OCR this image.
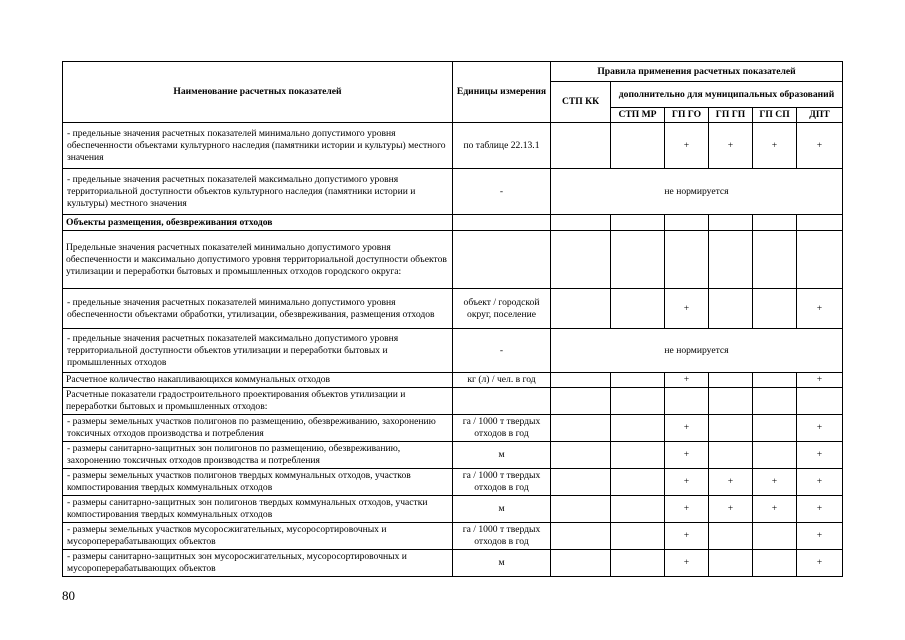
Наименование расчетных показателей	Единицы измерения	Правила применения расчетных показателей					
		СТП КК	дополнительно для муниципальных образований				
			СТП МР	ГП ГО	ГП ГП	ГП СП	ДПТ
- предельные значения расчетных показателей минимально допустимого уровня обеспеченности объектами культурного наследия (памятники истории и культуры) местного значения	по таблице 22.13.1			+	+	+	+
- предельные значения расчетных показателей максимально допустимого уровня территориальной доступности объектов культурного наследия (памятники истории и культуры) местного значения	-	не нормируется					
Объекты размещения, обезвреживания отходов							
Предельные значения расчетных показателей минимально допустимого уровня обеспеченности и максимально допустимого уровня территориальной доступности объектов утилизации и переработки бытовых и промышленных отходов городского округа:							
- предельные значения расчетных показателей минимально допустимого уровня обеспеченности объектами обработки, утилизации, обезвреживания, размещения отходов	объект / городской округ, поселение			+			+
- предельные значения расчетных показателей максимально допустимого уровня территориальной доступности объектов утилизации и переработки бытовых и промышленных отходов	-	не нормируется					
Расчетное количество накапливающихся коммунальных отходов	кг (л) / чел. в год			+			+
Расчетные показатели градостроительного проектирования объектов утилизации и переработки бытовых и промышленных отходов:							
- размеры земельных участков полигонов по размещению, обезвреживанию, захоронению токсичных отходов производства и потребления	га / 1000 т твердых отходов в год			+			+
- размеры санитарно-защитных зон полигонов по размещению, обезвреживанию, захоронению токсичных отходов производства и потребления	м			+			+
- размеры земельных участков полигонов твердых коммунальных отходов, участков компостирования твердых коммунальных отходов	га / 1000 т твердых отходов в год			+	+	+	+
- размеры санитарно-защитных зон полигонов твердых коммунальных отходов, участки компостирования твердых коммунальных отходов	м			+	+	+	+
- размеры земельных участков мусоросжигательных, мусоросортировочных и мусороперерабатывающих объектов	га / 1000 т твердых отходов в год			+			+
- размеры санитарно-защитных зон мусоросжигательных, мусоросортировочных и мусороперерабатывающих объектов	м			+			+
80
